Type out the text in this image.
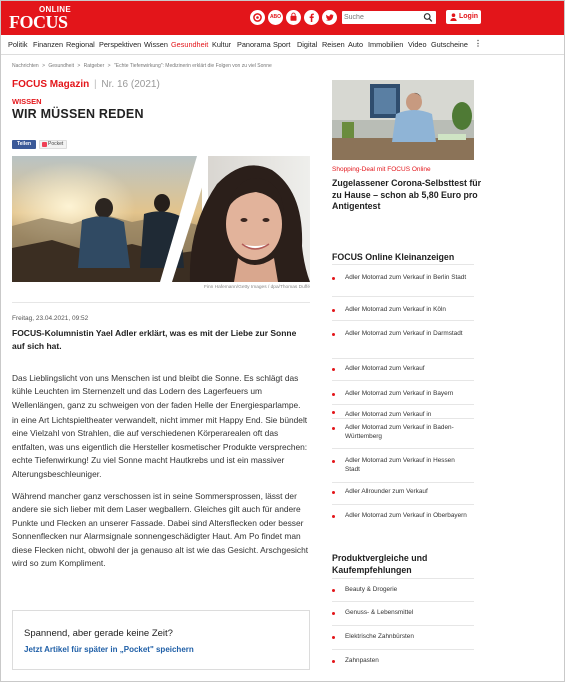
ONLINE
FOCUS	ABO
Suche	Login
Politik Finanzen Regional Perspektiven Wissen Gesundheit Kultur Panorama Sport Digital Reisen Auto Immobilien Video Gutscheine ⋮
Nachrichten > Gesundheit > Ratgeber > "Echte Tiefenwirkung": Medizinerin erklärt die Folgen von zu viel Sonne
FOCUS Magazin | Nr. 16 (2021)
WISSEN
WIR MÜSSEN REDEN
Teilen	Pocket
Finn Hafemann/Getty Images / dpa/Thomas Duffé
Freitag, 23.04.2021, 09:52

FOCUS-Kolumnistin Yael Adler erklärt, was es mit der Liebe zur Sonne auf sich hat.

Das Lieblingslicht von uns Menschen ist und bleibt die Sonne. Es schlägt das kühle Leuchten im Sternenzelt und das Lodern des Lagerfeuers um Wellenlängen, ganz zu schweigen von der faden Helle der Energiesparlampe.

in eine Art Lichtspieltheater verwandelt, nicht immer mit Happy End. Sie bündelt eine Vielzahl von Strahlen, die auf verschiedenen Körperarealen oft das entfalten, was uns eigentlich die Hersteller kosmetischer Produkte versprechen: echte Tiefenwirkung! Zu viel Sonne macht Hautkrebs und ist ein massiver Alterungsbeschleuniger.

Während mancher ganz verschossen ist in seine Sommersprossen, lässt der andere sie sich lieber mit dem Laser wegballern. Gleiches gilt auch für andere Punkte und Flecken an unserer Fassade. Dabei sind Altersflecken oder besser Sonnenflecken nur Alarmsignale sonnengeschädigter Haut. Am Po findet man diese Flecken nicht, obwohl der ja genauso alt ist wie das Gesicht. Arschgesicht wird so zum Kompliment.

Spannend, aber gerade keine Zeit?
Jetzt Artikel für später in „Pocket" speichern
Shopping-Deal mit FOCUS Online
Zugelassener Corona-Selbsttest für zu Hause – schon ab 5,80 Euro pro Antigentest
FOCUS Online Kleinanzeigen
Adler Motorrad zum Verkauf in Berlin Stadt
Adler Motorrad zum Verkauf in Köln
Adler Motorrad zum Verkauf in Darmstadt
Adler Motorrad zum Verkauf
Adler Motorrad zum Verkauf in Bayern
Adler Motorrad zum Verkauf in
Adler Motorrad zum Verkauf in Baden-Württemberg
Adler Motorrad zum Verkauf in Hessen Stadt
Adler Allrounder zum Verkauf
Adler Motorrad zum Verkauf in Oberbayern
Produktvergleiche und Kaufempfehlungen
Beauty & Drogerie
Genuss- & Lebensmittel
Elektrische Zahnbürsten
Zahnpasten
